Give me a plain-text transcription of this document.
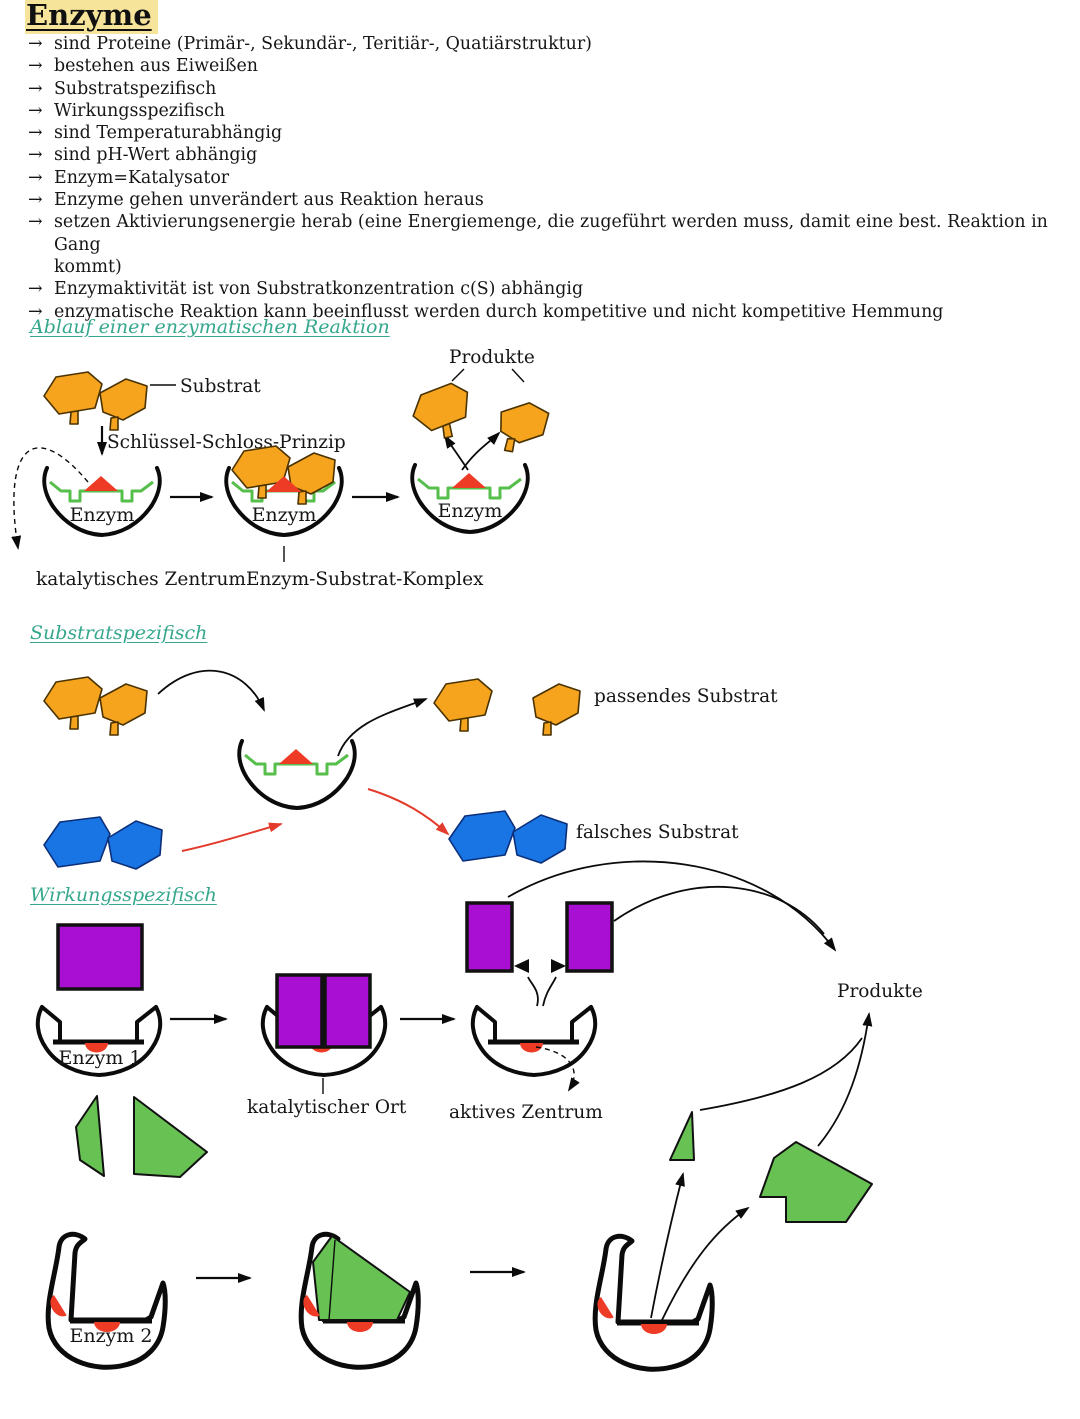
Enzyme
→ sind Proteine (Primär-, Sekundär-, Teritiär-, Quatiärstruktur)
→ bestehen aus Eiweißen
→ Substratspezifisch
→ Wirkungsspezifisch
→ sind Temperaturabhängig
→ sind pH-Wert abhängig
→ Enzym=Katalysator
→ Enzyme gehen unverändert aus Reaktion heraus
→ setzen Aktivierungsenergie herab (eine Energiemenge, die zugeführt werden muss, damit eine best. Reaktion in Gang
kommt)
→ Enzymaktivität ist von Substratkonzentration c(S) abhängig
→ enzymatische Reaktion kann beeinflusst werden durch kompetitive und nicht kompetitive Hemmung
Ablauf einer enzymatischen Reaktion
Substratspezifisch
Wirkungsspezifisch
Substrat
Schlüssel-Schloss-Prinzip
Enzym
katalytisches Zentrum
Enzym
Enzym-Substrat-Komplex
Enzym
Produkte
passendes Substrat
falsches Substrat
Enzym 1
katalytischer Ort aktives Zentrum
Produkte
Enzym 2
